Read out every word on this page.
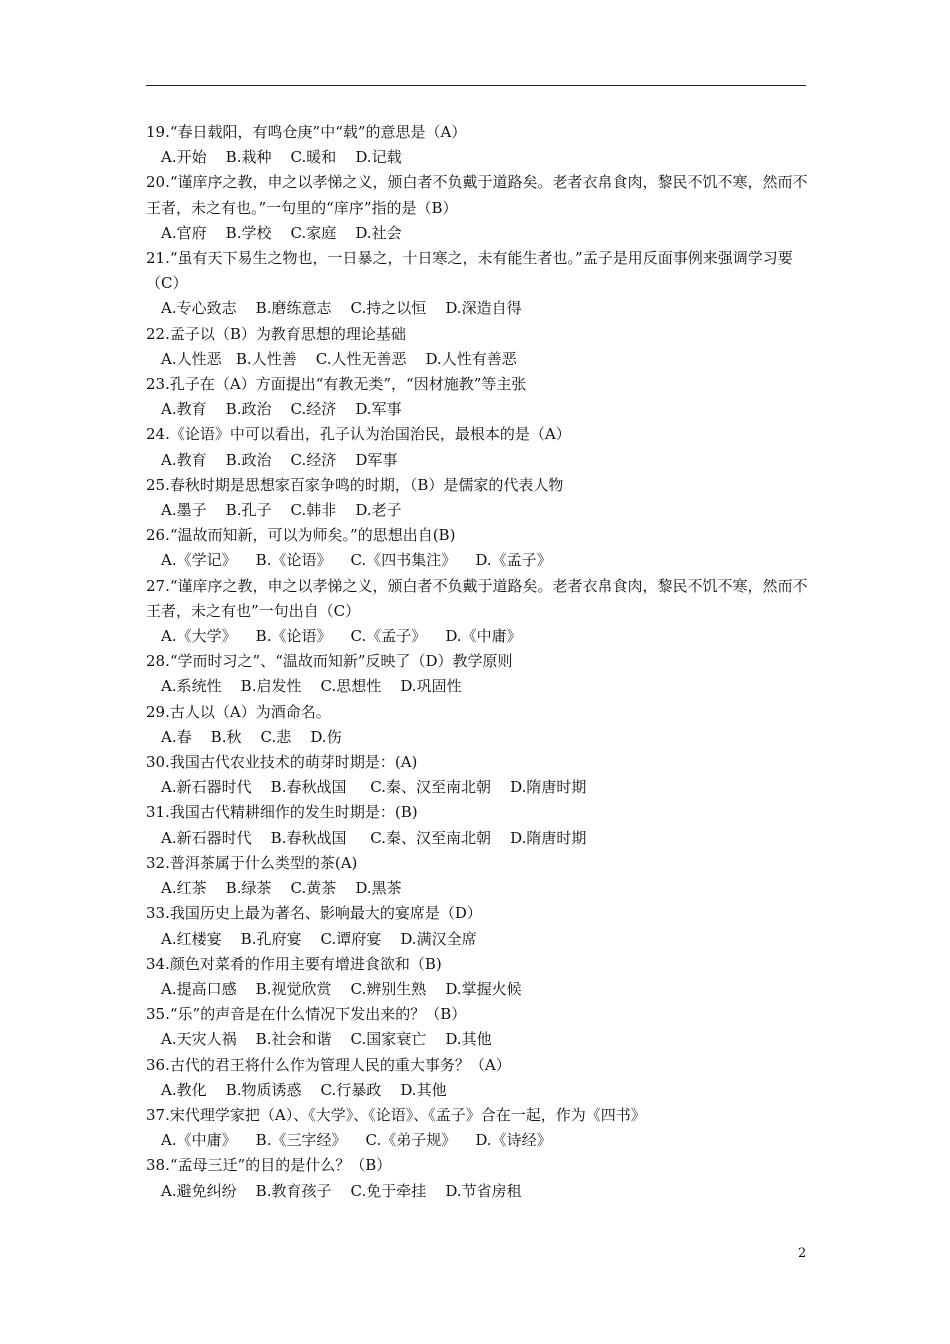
19.“春日载阳，有鸣仓庚”中“载”的意思是（A）
A.开始    B.栽种    C.暖和    D.记载
20.“谨庠序之教，申之以孝悌之义，颁白者不负戴于道路矣。老者衣帛食肉，黎民不饥不寒，然而不王者，未之有也。”一句里的“庠序”指的是（B）
A.官府    B.学校    C.家庭    D.社会
21.“虽有天下易生之物也，一日暴之，十日寒之，未有能生者也。”孟子是用反面事例来强调学习要（C）
A.专心致志    B.磨练意志    C.持之以恒    D.深造自得
22.孟子以（B）为教育思想的理论基础
A.人性恶   B.人性善    C.人性无善恶    D.人性有善恶
23.孔子在（A）方面提出“有教无类”，“因材施教”等主张
A.教育    B.政治    C.经济    D.军事
24.《论语》中可以看出，孔子认为治国治民，最根本的是（A）
A.教育    B.政治    C.经济    D军事
25.春秋时期是思想家百家争鸣的时期，（B）是儒家的代表人物
A.墨子    B.孔子    C.韩非    D.老子
26.“温故而知新，可以为师矣。”的思想出自(B)
A.《学记》    B.《论语》    C.《四书集注》    D.《孟子》
27.“谨庠序之教，申之以孝悌之义，颁白者不负戴于道路矣。老者衣帛食肉，黎民不饥不寒，然而不王者，未之有也”一句出自（C）
A.《大学》    B.《论语》    C.《孟子》    D.《中庸》
28.“学而时习之”、“温故而知新”反映了（D）教学原则
A.系统性    B.启发性    C.思想性    D.巩固性
29.古人以（A）为酒命名。
A.春    B.秋    C.悲    D.伤
30.我国古代农业技术的萌芽时期是：(A)
A.新石器时代    B.春秋战国     C.秦、汉至南北朝    D.隋唐时期
31.我国古代精耕细作的发生时期是：(B)
A.新石器时代    B.春秋战国     C.秦、汉至南北朝    D.隋唐时期
32.普洱茶属于什么类型的茶(A)
A.红茶    B.绿茶    C.黄茶    D.黑茶
33.我国历史上最为著名、影响最大的宴席是（D）
A.红楼宴    B.孔府宴    C.谭府宴    D.满汉全席
34.颜色对菜肴的作用主要有增进食欲和（B)
A.提高口感    B.视觉欣赏    C.辨别生熟    D.掌握火候
35.“乐”的声音是在什么情况下发出来的？（B）
A.天灾人祸    B.社会和谐    C.国家衰亡    D.其他
36.古代的君王将什么作为管理人民的重大事务？（A）
A.教化    B.物质诱惑    C.行暴政    D.其他
37.宋代理学家把（A）、《大学》、《论语》、《孟子》合在一起，作为《四书》
A.《中庸》    B.《三字经》    C.《弟子规》    D.《诗经》
38.“孟母三迁”的目的是什么？（B）
A.避免纠纷    B.教育孩子    C.免于牵挂    D.节省房租
2
